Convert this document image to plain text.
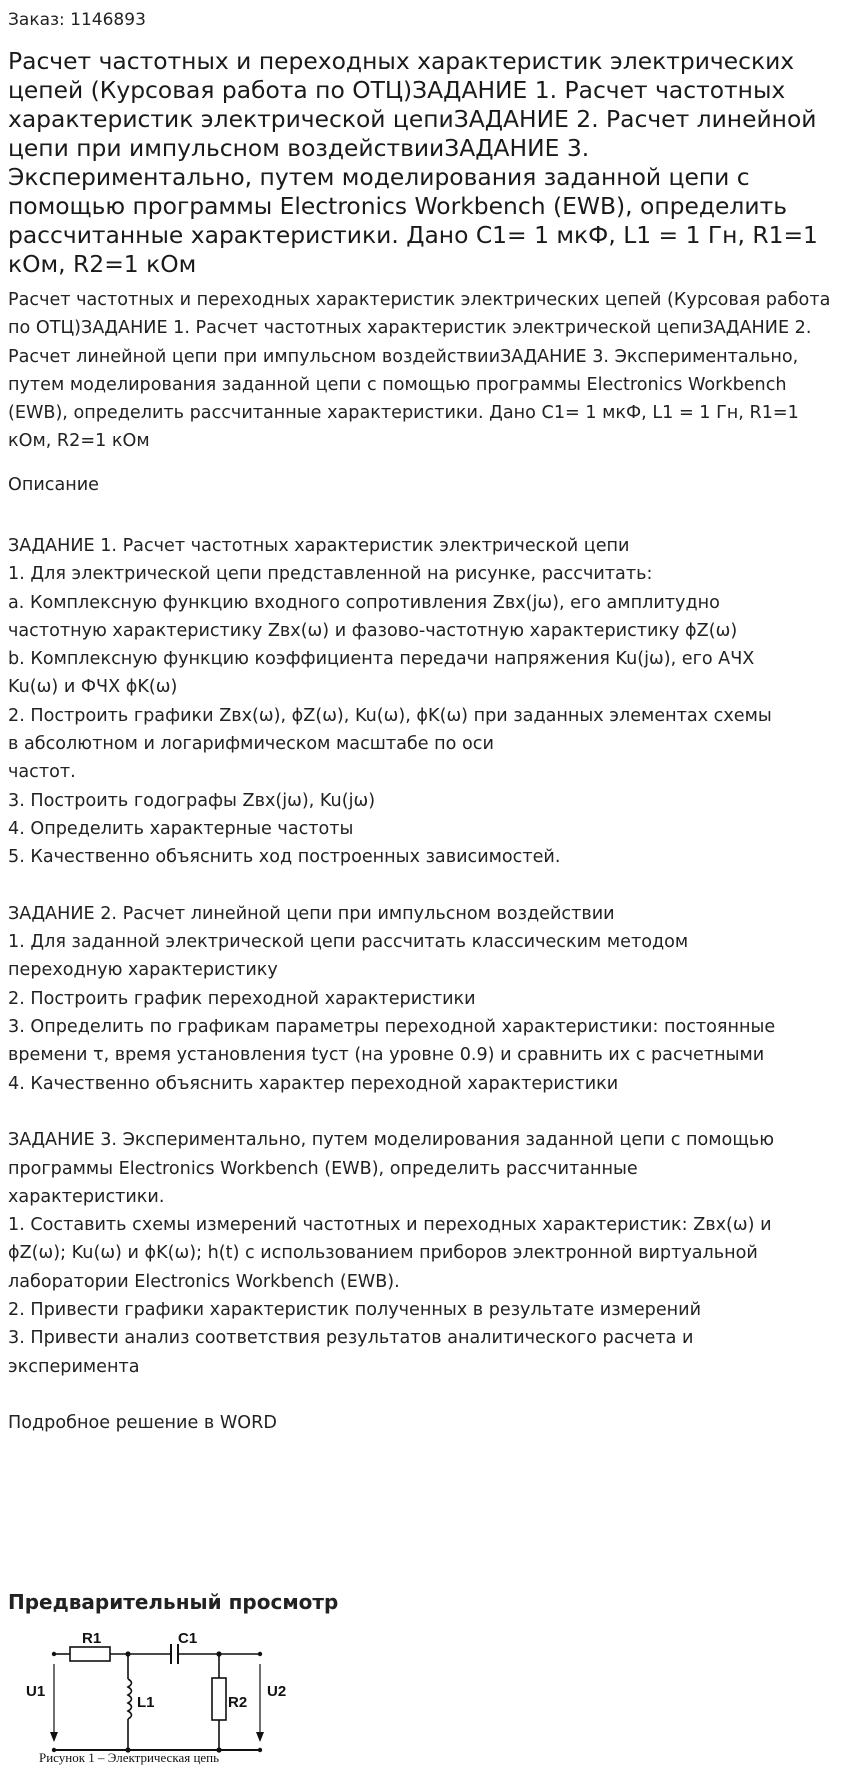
Заказ: 1146893
Расчет частотных и переходных характеристик электрических цепей (Курсовая работа по ОТЦ)ЗАДАНИЕ 1. Расчет частотных характеристик электрической цепиЗАДАНИЕ 2. Расчет линейной цепи при импульсном воздействииЗАДАНИЕ 3. Экспериментально, путем моделирования заданной цепи с помощью программы Electronics Workbench (EWB), определить рассчитанные характеристики. Дано C1= 1 мкФ, L1 = 1 Гн, R1=1 кОм, R2=1 кОм

Расчет частотных и переходных характеристик электрических цепей (Курсовая работа по ОТЦ)ЗАДАНИЕ 1. Расчет частотных характеристик электрической цепиЗАДАНИЕ 2. Расчет линейной цепи при импульсном воздействииЗАДАНИЕ 3. Экспериментально, путем моделирования заданной цепи с помощью программы Electronics Workbench (EWB), определить рассчитанные характеристики. Дано C1= 1 мкФ, L1 = 1 Гн, R1=1 кОм, R2=1 кОм

Описание
ЗАДАНИЕ 1. Расчет частотных характеристик электрической цепи
1. Для электрической цепи представленной на рисунке, рассчитать:
a. Комплексную функцию входного сопротивления Zвх(jω), его амплитудно
частотную характеристику Zвх(ω) и фазово-частотную характеристику ϕZ(ω)
b. Комплексную функцию коэффициента передачи напряжения Ku(jω), его АЧХ
Ku(ω) и ФЧХ ϕK(ω)
2. Построить графики Zвх(ω), ϕZ(ω), Ku(ω), ϕK(ω) при заданных элементах схемы
в абсолютном и логарифмическом масштабе по оси
частот.
3. Построить годографы Zвх(jω), Ku(jω)
4. Определить характерные частоты
5. Качественно объяснить ход построенных зависимостей.
ЗАДАНИЕ 2. Расчет линейной цепи при импульсном воздействии
1. Для заданной электрической цепи рассчитать классическим методом
переходную характеристику
2. Построить график переходной характеристики
3. Определить по графикам параметры переходной характеристики: постоянные
времени τ, время установления tуст (на уровне 0.9) и сравнить их с расчетными
4. Качественно объяснить характер переходной характеристики
ЗАДАНИЕ 3. Экспериментально, путем моделирования заданной цепи с помощью
программы Electronics Workbench (EWB), определить рассчитанные
характеристики.
1. Составить схемы измерений частотных и переходных характеристик: Zвх(ω) и
ϕZ(ω); Ku(ω) и ϕK(ω); h(t) с использованием приборов электронной виртуальной
лаборатории Electronics Workbench (EWB).
2. Привести графики характеристик полученных в результате измерений
3. Привести анализ соответствия результатов аналитического расчета и
эксперимента
Подробное решение в WORD
Предварительный просмотр
R1	C1
L1	R2
U1	U2
Рисунок 1 – Электрическая цепь
